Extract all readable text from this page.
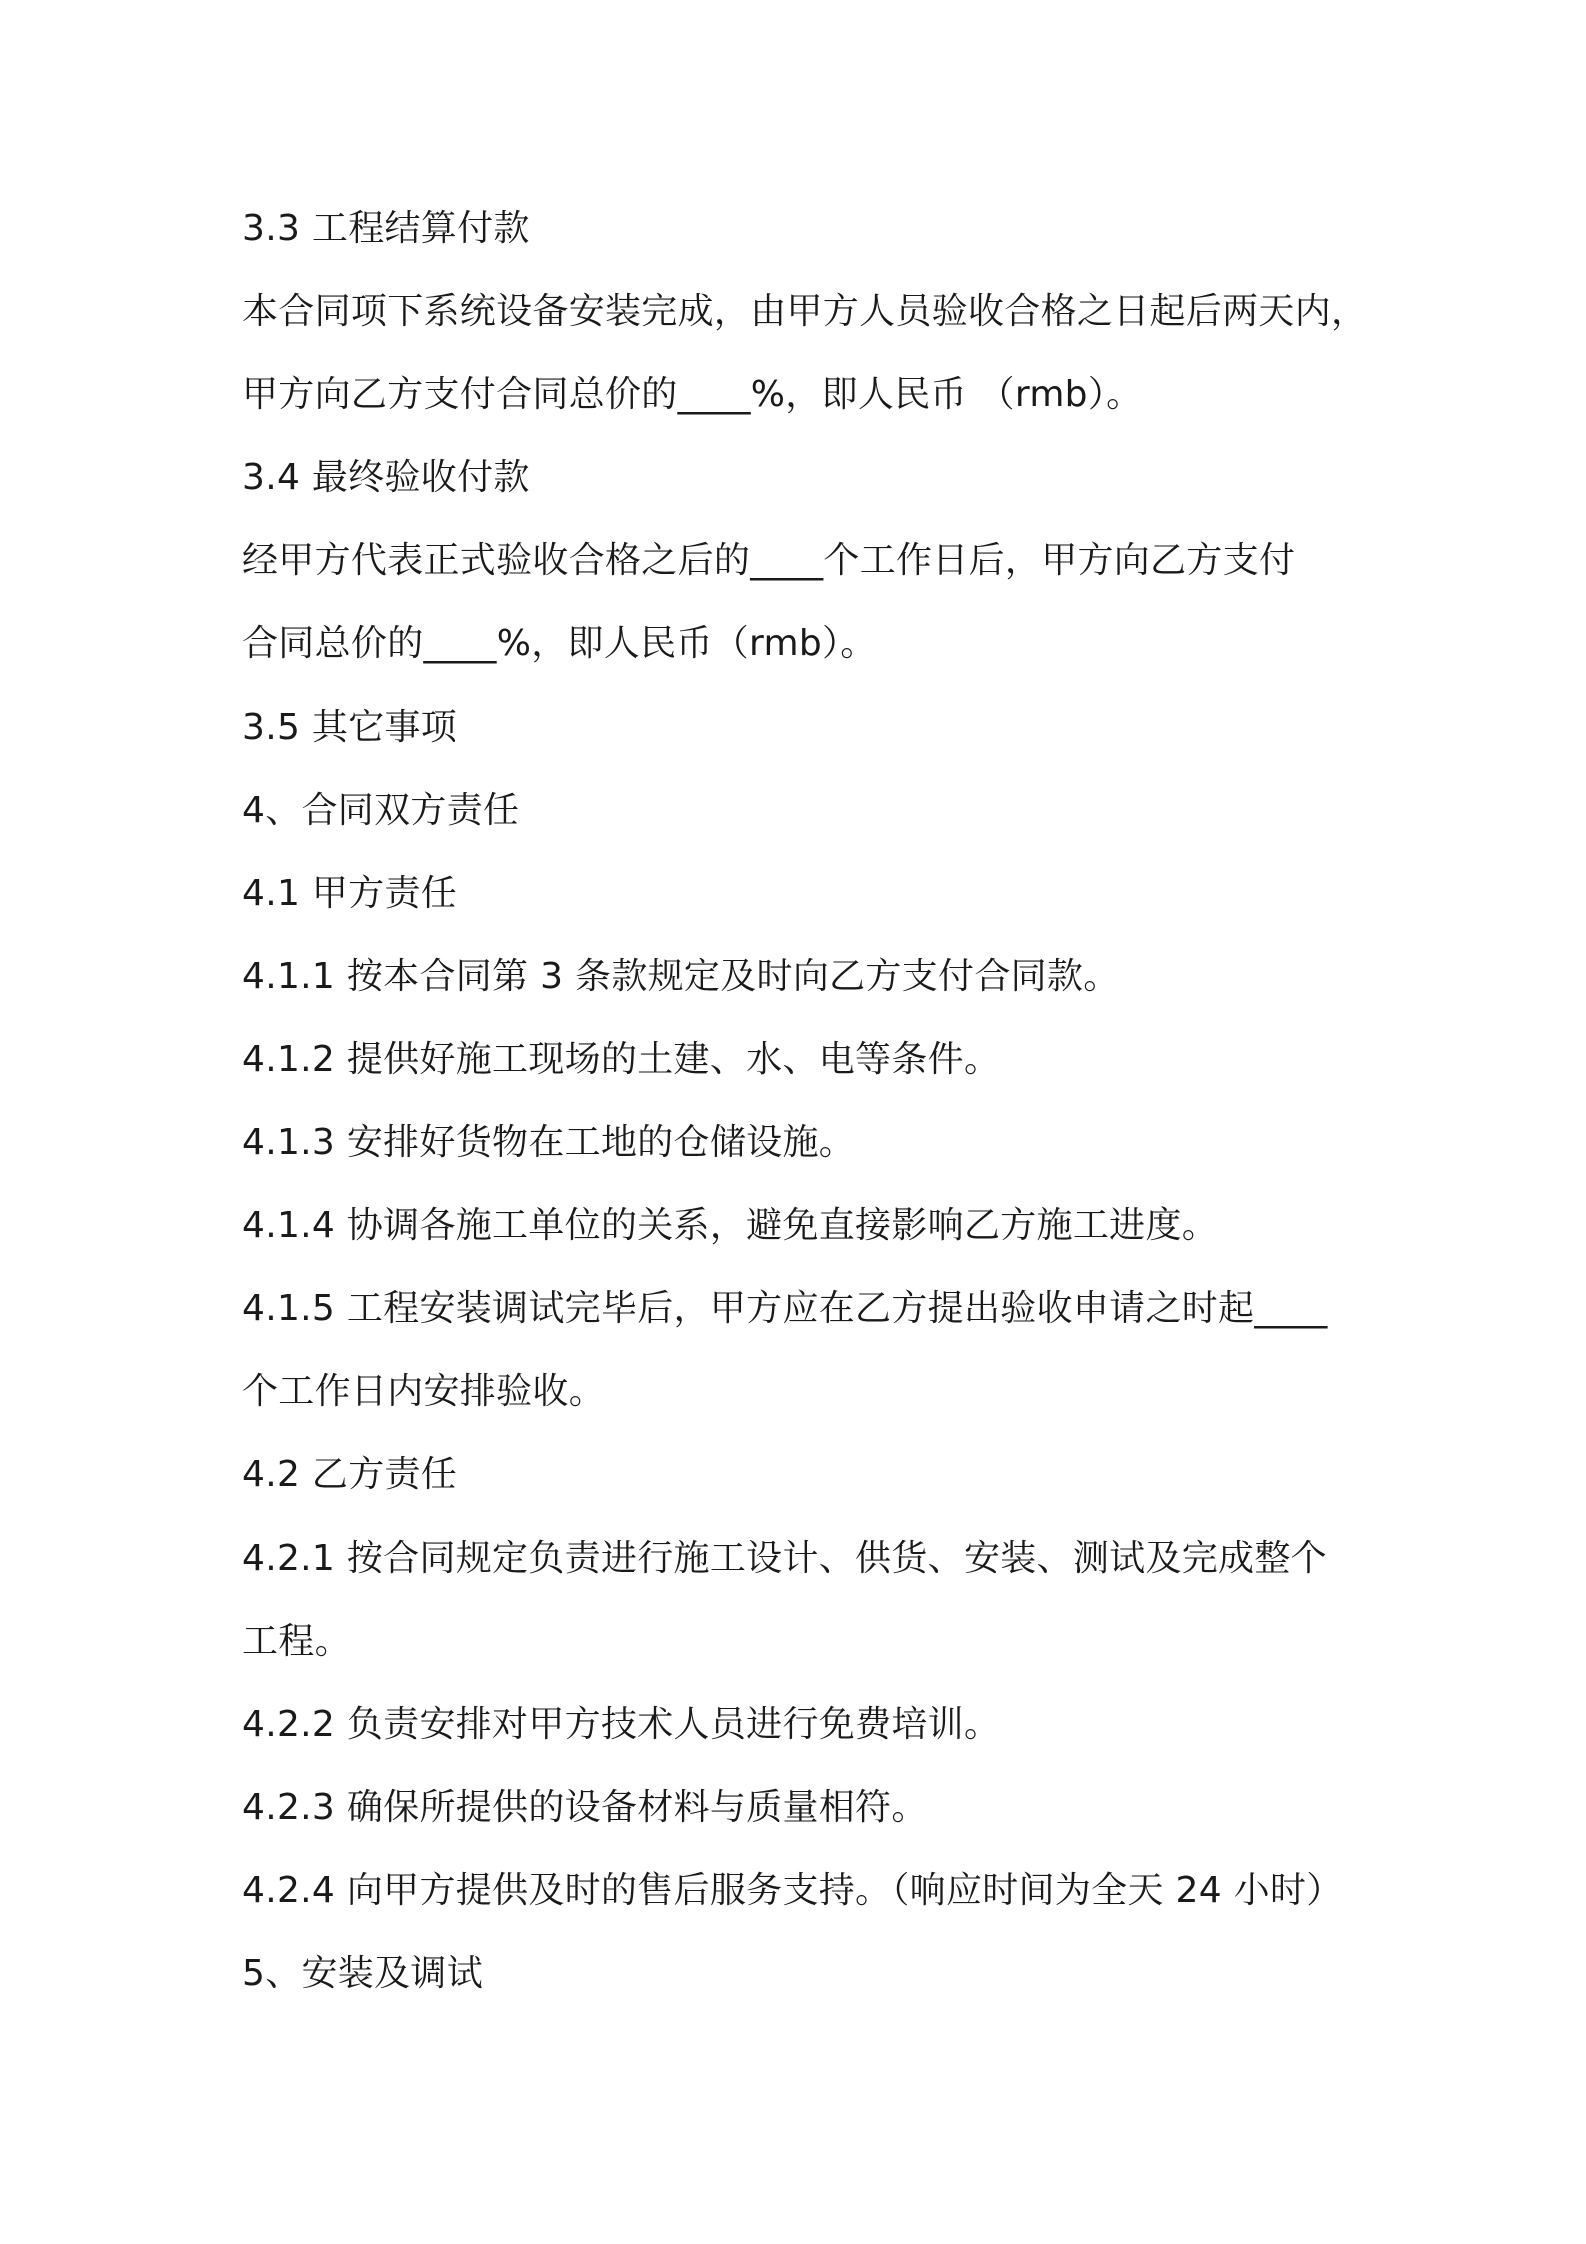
3.3 工程结算付款
本合同项下系统设备安装完成，由甲方人员验收合格之日起后两天内，
甲方向乙方支付合同总价的____%，即人民币 （rmb）。
3.4 最终验收付款
经甲方代表正式验收合格之后的____个工作日后，甲方向乙方支付
合同总价的____%，即人民币（rmb）。
3.5 其它事项
4、合同双方责任
4.1 甲方责任
4.1.1 按本合同第 3 条款规定及时向乙方支付合同款。
4.1.2 提供好施工现场的土建、水、电等条件。
4.1.3 安排好货物在工地的仓储设施。
4.1.4 协调各施工单位的关系，避免直接影响乙方施工进度。
4.1.5 工程安装调试完毕后，甲方应在乙方提出验收申请之时起____
个工作日内安排验收。
4.2 乙方责任
4.2.1 按合同规定负责进行施工设计、供货、安装、测试及完成整个
工程。
4.2.2 负责安排对甲方技术人员进行免费培训。
4.2.3 确保所提供的设备材料与质量相符。
4.2.4 向甲方提供及时的售后服务支持。（响应时间为全天 24 小时）
5、安装及调试
